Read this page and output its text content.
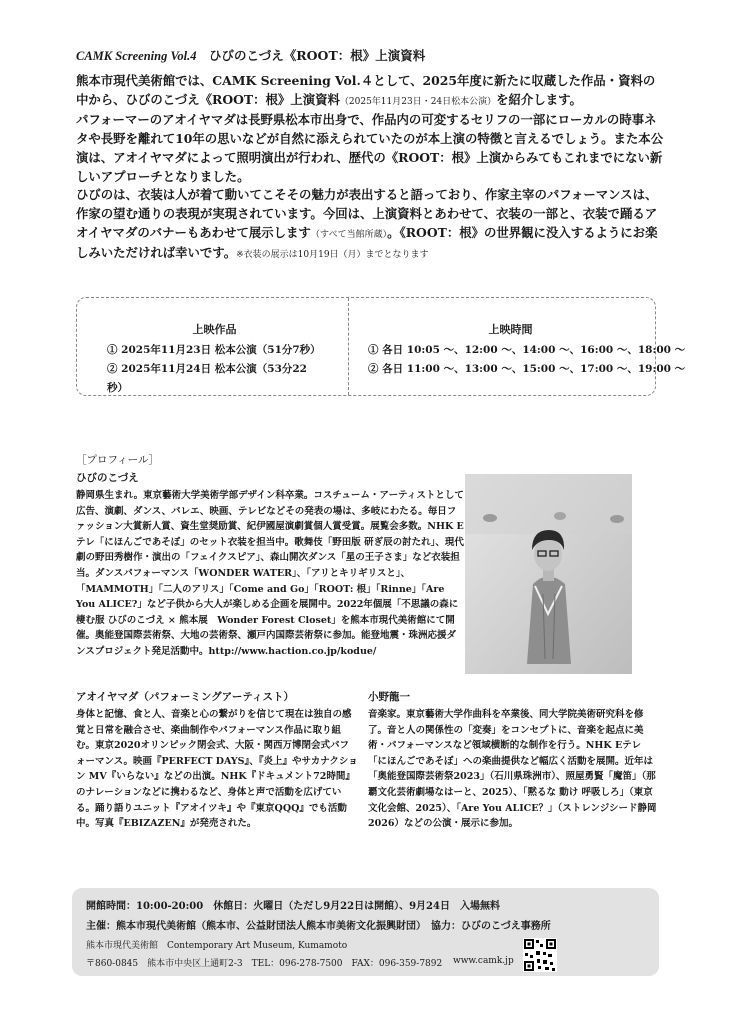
CAMK Screening Vol.4　 ひびのこづえ《ROOT：根》上演資料

熊本市現代美術館では、CAMK Screening Vol.４として、2025年度に新たに収蔵した作品・資料の中から、ひびのこづえ《ROOT：根》上演資料（2025年11月23日・24日松本公演）を紹介します。

パフォーマーのアオイヤマダは長野県松本市出身で、作品内の可変するセリフの一部にローカルの時事ネタや長野を離れて10年の思いなどが自然に添えられていたのが本上演の特徴と言えるでしょう。また本公演は、アオイヤマダによって照明演出が行われ、歴代の《ROOT：根》上演からみてもこれまでにない新しいアプローチとなりました。

ひびのは、衣装は人が着て動いてこそその魅力が表出すると語っており、作家主宰のパフォーマンスは、作家の望む通りの表現が実現されています。今回は、上演資料とあわせて、衣装の一部と、衣装で踊るアオイヤマダのバナーもあわせて展示します（すべて当館所蔵）。《ROOT：根》の世界観に没入するようにお楽しみいただければ幸いです。※衣装の展示は10月19日（月）までとなります

上映作品
① 2025年11月23日 松本公演（51分7秒）
② 2025年11月24日 松本公演（53分22秒）
上映時間
① 各日 10:05 ～、12:00 ～、14:00 ～、16:00 ～、18:00 ～
② 各日 11:00 ～、13:00 ～、15:00 ～、17:00 ～、19:00 ～
［プロフィール］
ひびのこづえ
静岡県生まれ。東京藝術大学美術学部デザイン科卒業。コスチューム・アーティストとして広告、演劇、ダンス、バレエ、映画、テレビなどその発表の場は、多岐にわたる。毎日ファッション大賞新人賞、資生堂奨励賞、紀伊國屋演劇賞個人賞受賞。展覧会多数。NHK Eテレ「にほんごであそぼ」のセット衣装を担当中。歌舞伎「野田版 研ぎ辰の討たれ」、現代劇の野田秀樹作・演出の「フェイクスピア」、森山開次ダンス「星の王子さま」など衣装担当。ダンスパフォーマンス「WONDER WATER」、「アリとキリギリスと」、「MAMMOTH」「二人のアリス」「Come and Go」「ROOT: 根」「Rinne」「Are You ALICE?」など子供から大人が楽しめる企画を展開中。2022年個展「不思議の森に棲む服 ひびのこづえ × 熊本展　Wonder Forest Closet」を熊本市現代美術館にて開催。奥能登国際芸術祭、大地の芸術祭、瀬戸内国際芸術祭に参加。能登地震・珠洲応援ダンスプロジェクト発足活動中。http://www.haction.co.jp/kodue/
アオイヤマダ（パフォーミングアーティスト）
身体と記憶、食と人、音楽と心の繋がりを信じて現在は独自の感覚と日常を融合させ、楽曲制作やパフォーマンス作品に取り組む。東京2020オリンピック閉会式、大阪・関西万博閉会式パフォーマンス。映画『PERFECT DAYS』、『炎上』やサカナクション MV『いらない』などの出演。NHK『ドキュメント72時間』のナレーションなどに携わるなど、身体と声で活動を広げている。踊り語りユニット『アオイツキ』や『東京QQQ』でも活動中。写真『EBIZAZEN』が発売された。
小野龍一
音楽家。東京藝術大学作曲科を卒業後、同大学院美術研究科を修了。音と人の関係性の「変奏」をコンセプトに、音楽を起点に美術・パフォーマンスなど領域横断的な制作を行う。NHK Eテレ「にほんごであそぼ」への楽曲提供など幅広く活動を展開。近年は「奥能登国際芸術祭2023」（石川県珠洲市）、照屋勇賢「魔笛」（那覇文化芸術劇場なはーと、2025）、「黙るな 動け 呼吸しろ」（東京文化会館、2025）、「Are You ALICE？」（ストレンジシード静岡2026）などの公演・展示に参加。
開館時間：10:00-20:00　休館日：火曜日（ただし9月22日は開館）、9月24日　入場無料
主催：熊本市現代美術館（熊本市、公益財団法人熊本市美術文化振興財団）　協力：ひびのこづえ事務所
熊本市現代美術館　Contemporary Art Museum, Kumamoto
〒860-0845　熊本市中央区上通町2-3　TEL：096-278-7500　FAX：096-359-7892 www.camk.jp
